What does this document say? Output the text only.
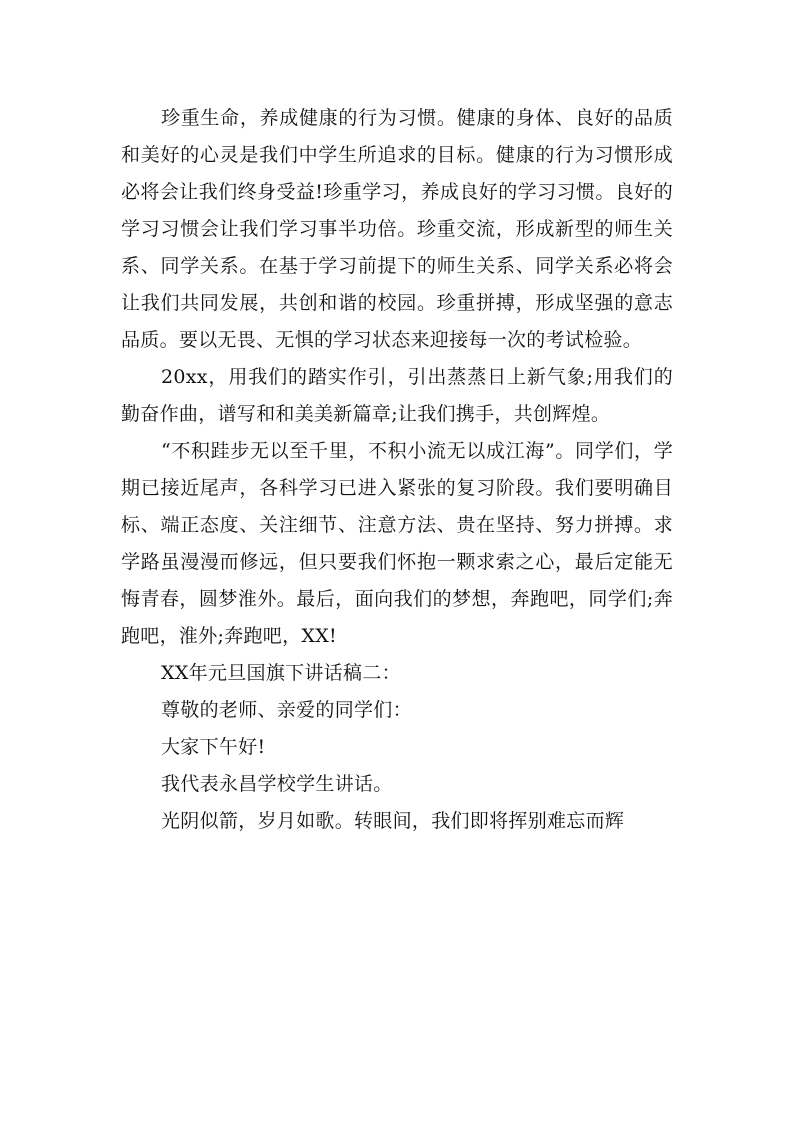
珍重生命，养成健康的行为习惯。健康的身体、良好的品质和美好的心灵是我们中学生所追求的目标。健康的行为习惯形成必将会让我们终身受益!珍重学习，养成良好的学习习惯。良好的学习习惯会让我们学习事半功倍。珍重交流，形成新型的师生关系、同学关系。在基于学习前提下的师生关系、同学关系必将会让我们共同发展，共创和谐的校园。珍重拼搏，形成坚强的意志品质。要以无畏、无惧的学习状态来迎接每一次的考试检验。

20xx，用我们的踏实作引，引出蒸蒸日上新气象;用我们的勤奋作曲，谱写和和美美新篇章;让我们携手，共创辉煌。

“不积跬步无以至千里，不积小流无以成江海”。同学们，学期已接近尾声，各科学习已进入紧张的复习阶段。我们要明确目标、端正态度、关注细节、注意方法、贵在坚持、努力拼搏。求学路虽漫漫而修远，但只要我们怀抱一颗求索之心，最后定能无悔青春，圆梦淮外。最后，面向我们的梦想，奔跑吧，同学们;奔跑吧，淮外;奔跑吧，XX!

XX年元旦国旗下讲话稿二：

尊敬的老师、亲爱的同学们：

大家下午好!

我代表永昌学校学生讲话。

光阴似箭，岁月如歌。转眼间，我们即将挥别难忘而辉
